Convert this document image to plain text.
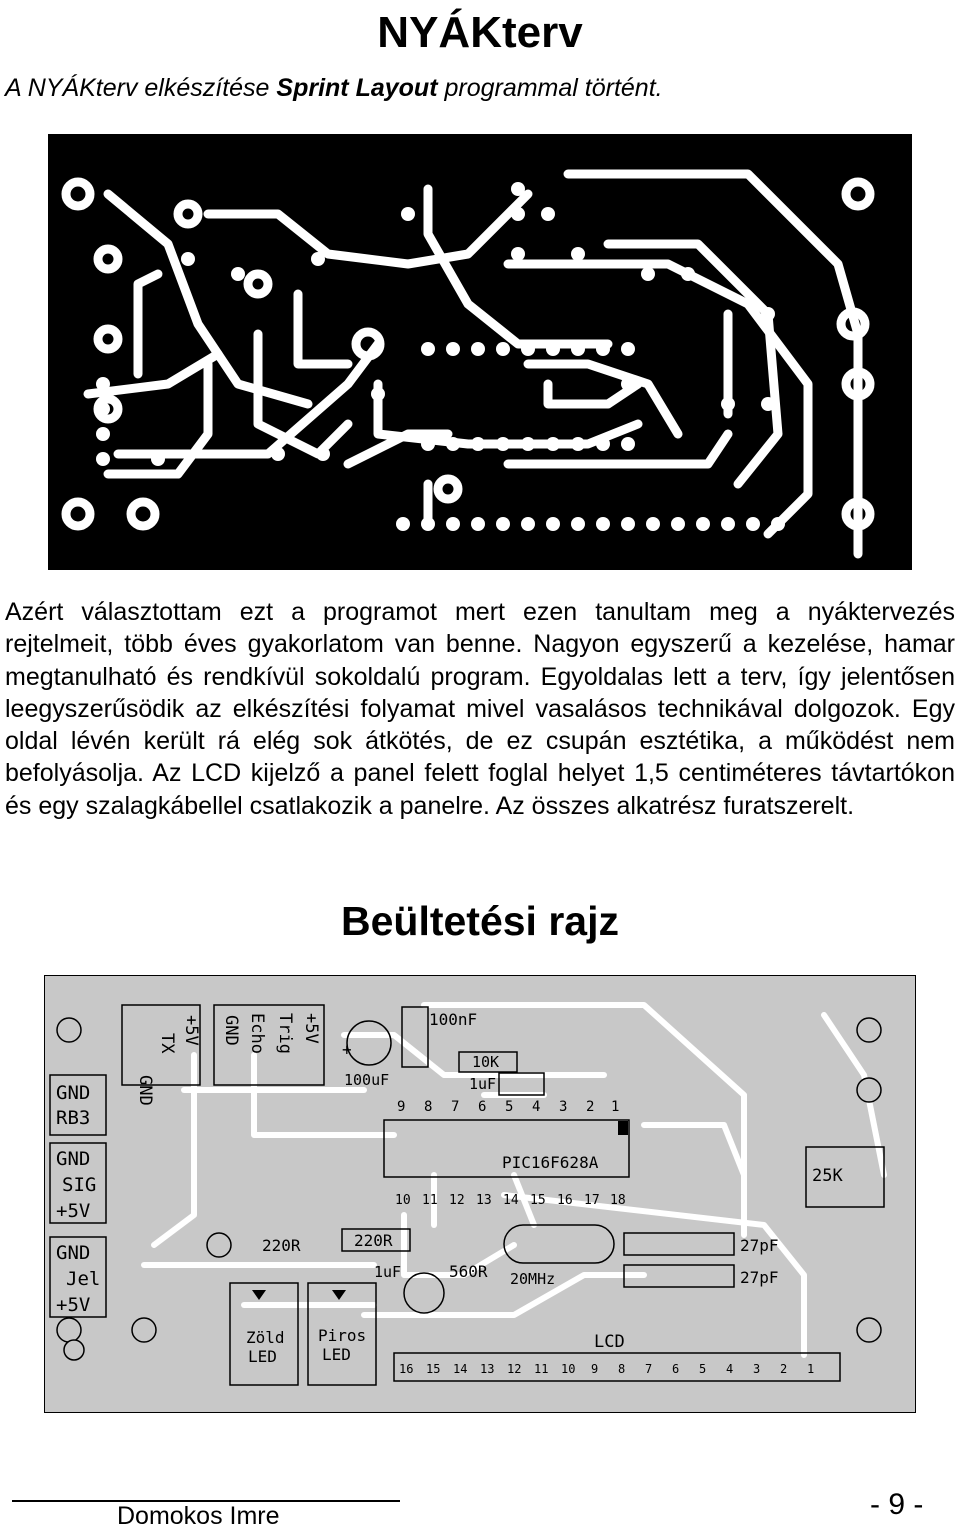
NYÁKterv

A NYÁKterv elkészítése Sprint Layout programmal történt.

Azért választottam ezt a programot mert ezen tanultam meg a nyáktervezés rejtelmeit, több éves gyakorlatom van benne. Nagyon egyszerű a kezelése, hamar megtanulható és rendkívül sokoldalú program. Egyoldalas lett a terv, így jelentősen leegyszerűsödik az elkészítési folyamat mivel vasalásos technikával dolgozok. Egy oldal lévén került rá elég sok átkötés, de ez csupán esztétika, a működést nem befolyásolja. Az LCD kijelző a panel felett foglal helyet 1,5 centiméteres távtartókon és egy szalagkábellel csatlakozik a panelre. Az összes alkatrész furatszerelt.

Beültetési rajz
GND
TX +5V GND Echo Trig +5V
GND
RB3
GND
SIG
+5V
GND
Jel
+5V
+
100nF
10K
100uF	1uF
9 8 7 6 5 4 3 2 1
PIC16F628A
10 11 12 13 14 15 16 17 18
25K
220R	220R
1uF	560R 20MHz
27pF
27pF
Zöld
LED
Piros
LED
LCD
16 15 14 13 12 11 10 9 8 7 6 5 4 3 2 1
Domokos Imre	- 9 -
